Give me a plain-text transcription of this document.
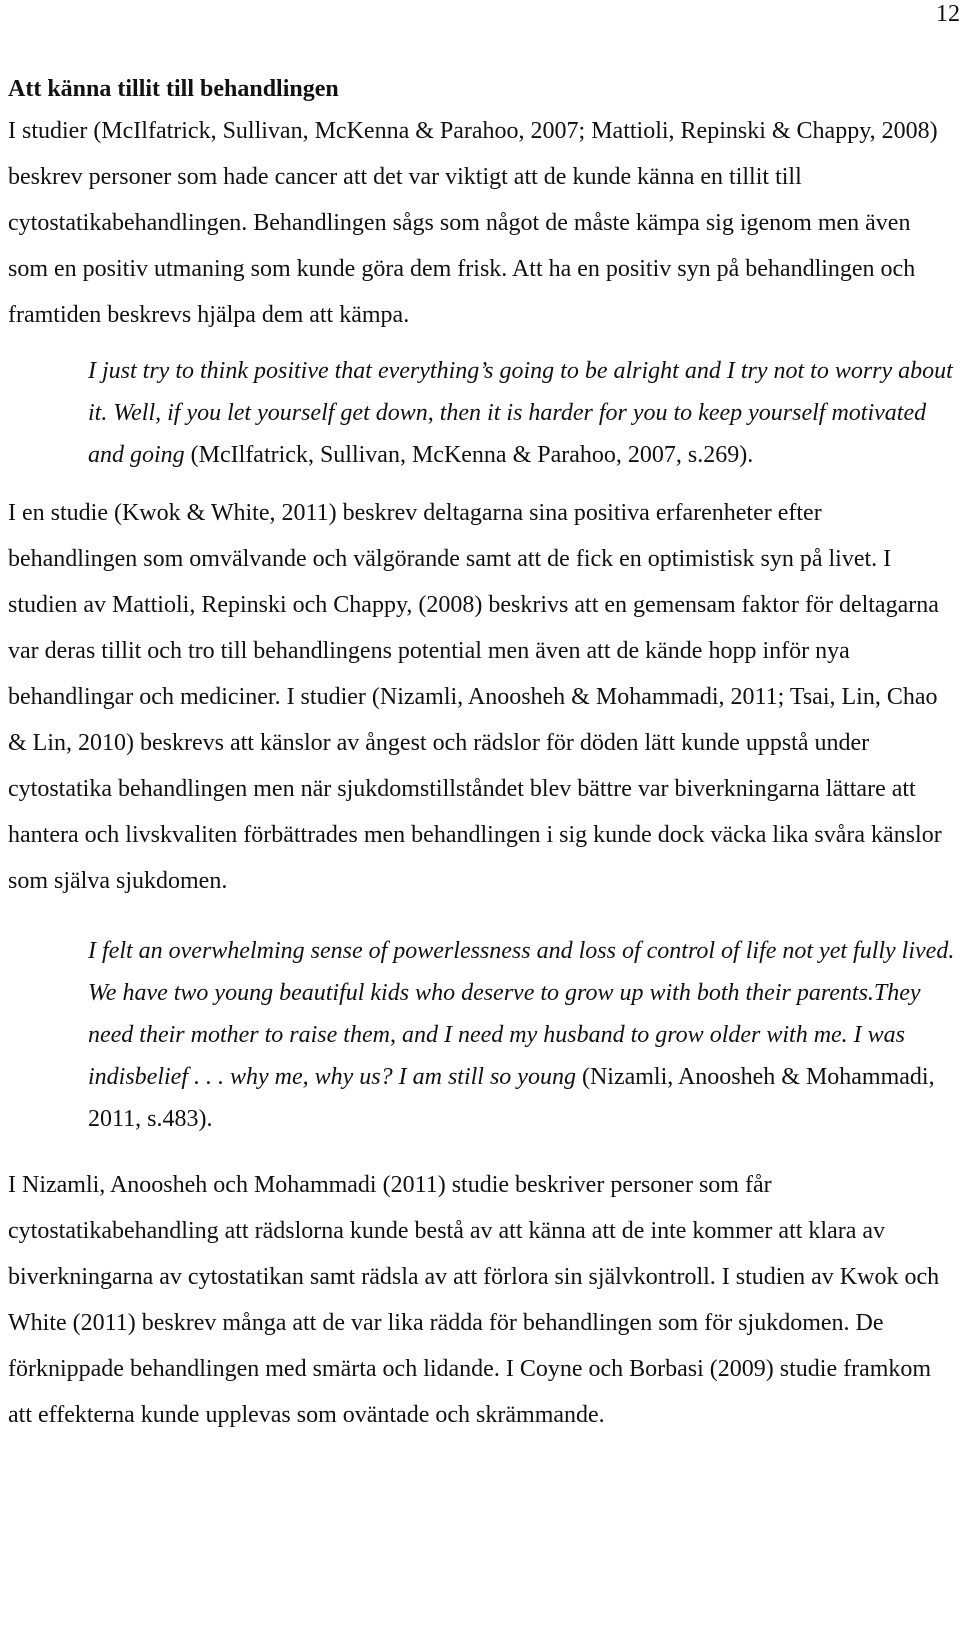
12
Att känna tillit till behandlingen

I studier (McIlfatrick, Sullivan, McKenna & Parahoo, 2007; Mattioli, Repinski & Chappy, 2008) beskrev personer som hade cancer att det var viktigt att de kunde känna en tillit till cytostatikabehandlingen. Behandlingen sågs som något de måste kämpa sig igenom men även som en positiv utmaning som kunde göra dem frisk. Att ha en positiv syn på behandlingen och framtiden beskrevs hjälpa dem att kämpa.

I just try to think positive that everything’s going to be alright and I try not to worry about it. Well, if you let yourself get down, then it is harder for you to keep yourself motivated and going (McIlfatrick, Sullivan, McKenna & Parahoo, 2007, s.269).

I en studie (Kwok & White, 2011) beskrev deltagarna sina positiva erfarenheter efter behandlingen som omvälvande och välgörande samt att de fick en optimistisk syn på livet. I studien av Mattioli, Repinski och Chappy, (2008) beskrivs att en gemensam faktor för deltagarna var deras tillit och tro till behandlingens potential men även att de kände hopp inför nya behandlingar och mediciner. I studier (Nizamli, Anoosheh & Mohammadi, 2011; Tsai, Lin, Chao & Lin, 2010) beskrevs att känslor av ångest och rädslor för döden lätt kunde uppstå under cytostatika behandlingen men när sjukdomstillståndet blev bättre var biverkningarna lättare att hantera och livskvaliten förbättrades men behandlingen i sig kunde dock väcka lika svåra känslor som själva sjukdomen.

I felt an overwhelming sense of powerlessness and loss of control of life not yet fully lived. We have two young beautiful kids who deserve to grow up with both their parents.They need their mother to raise them, and I need my husband to grow older with me. I was indisbelief . . . why me, why us? I am still so young (Nizamli, Anoosheh & Mohammadi, 2011, s.483).

I Nizamli, Anoosheh och Mohammadi (2011) studie beskriver personer som får cytostatikabehandling att rädslorna kunde bestå av att känna att de inte kommer att klara av biverkningarna av cytostatikan samt rädsla av att förlora sin självkontroll. I studien av Kwok och White (2011) beskrev många att de var lika rädda för behandlingen som för sjukdomen. De förknippade behandlingen med smärta och lidande. I Coyne och Borbasi (2009) studie framkom att effekterna kunde upplevas som oväntade och skrämmande.
